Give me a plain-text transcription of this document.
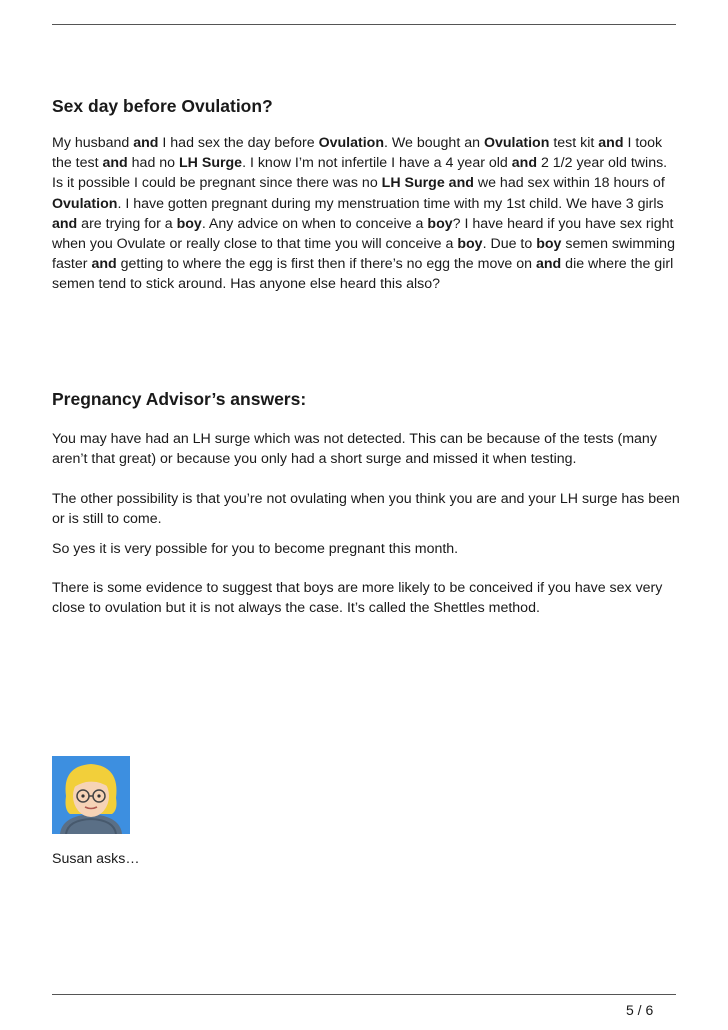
Sex day before Ovulation?

My husband and I had sex the day before Ovulation. We bought an Ovulation test kit and I took the test and had no LH Surge. I know I’m not infertile I have a 4 year old and 2 1/2 year old twins. Is it possible I could be pregnant since there was no LH Surge and we had sex within 18 hours of Ovulation. I have gotten pregnant during my menstruation time with my 1st child. We have 3 girls and are trying for a boy. Any advice on when to conceive a boy? I have heard if you have sex right when you Ovulate or really close to that time you will conceive a boy. Due to boy semen swimming faster and getting to where the egg is first then if there’s no egg the move on and die where the girl semen tend to stick around. Has anyone else heard this also?

Pregnancy Advisor’s answers:

You may have had an LH surge which was not detected. This can be because of the tests (many aren’t that great) or because you only had a short surge and missed it when testing.

The other possibility is that you’re not ovulating when you think you are and your LH surge has been or is still to come.

So yes it is very possible for you to become pregnant this month.

There is some evidence to suggest that boys are more likely to be conceived if you have sex very close to ovulation but it is not always the case. It’s called the Shettles method.

Susan asks…

5 / 6
